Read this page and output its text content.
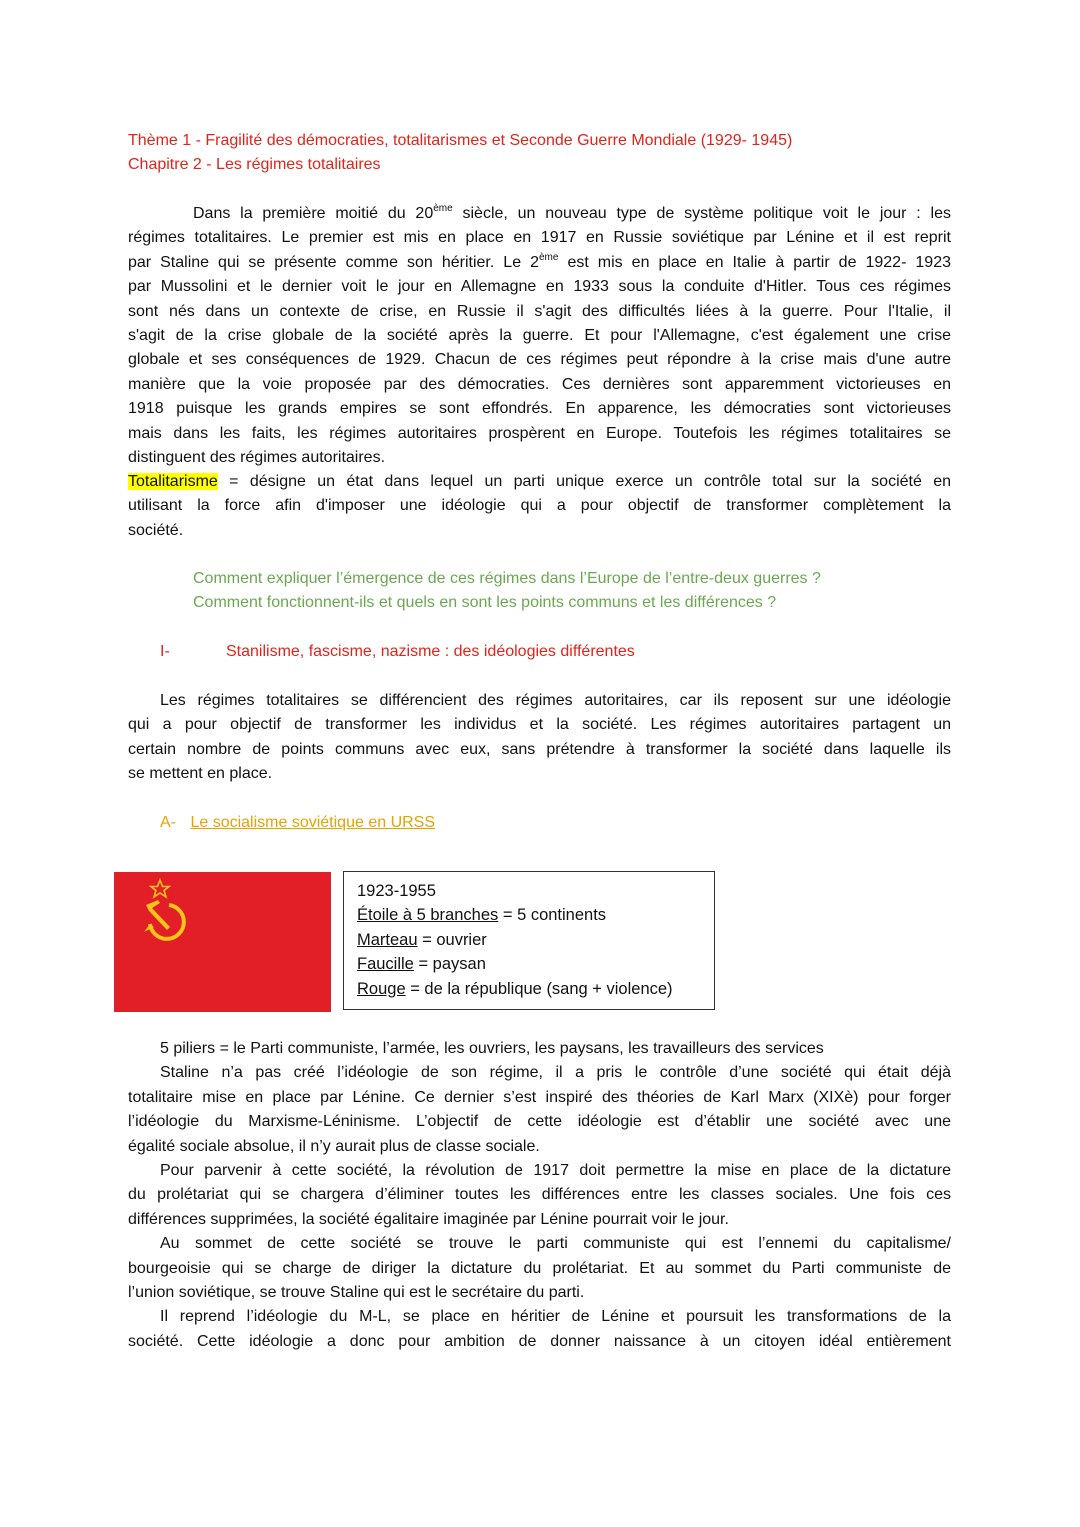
Thème 1 - Fragilité des démocraties, totalitarismes et Seconde Guerre Mondiale (1929- 1945)
Chapitre 2 - Les régimes totalitaires
Dans la première moitié du 20ème siècle, un nouveau type de système politique voit le jour : les
régimes totalitaires. Le premier est mis en place en 1917 en Russie soviétique par Lénine et il est reprit
par Staline qui se présente comme son héritier. Le 2ème est mis en place en Italie à partir de 1922- 1923
par Mussolini et le dernier voit le jour en Allemagne en 1933 sous la conduite d'Hitler. Tous ces régimes
sont nés dans un contexte de crise, en Russie il s'agit des difficultés liées à la guerre. Pour l'Italie, il
s'agit de la crise globale de la société après la guerre. Et pour l'Allemagne, c'est également une crise
globale et ses conséquences de 1929. Chacun de ces régimes peut répondre à la crise mais d'une autre
manière que la voie proposée par des démocraties. Ces dernières sont apparemment victorieuses en
1918 puisque les grands empires se sont effondrés. En apparence, les démocraties sont victorieuses
mais dans les faits, les régimes autoritaires prospèrent en Europe. Toutefois les régimes totalitaires se
distinguent des régimes autoritaires.
Totalitarisme = désigne un état dans lequel un parti unique exerce un contrôle total sur la société en
utilisant la force afin d'imposer une idéologie qui a pour objectif de transformer complètement la
société.
Comment expliquer l’émergence de ces régimes dans l’Europe de l’entre-deux guerres ?
Comment fonctionnent-ils et quels en sont les points communs et les différences ?
I-	Stanilisme, fascisme, nazisme : des idéologies différentes
Les régimes totalitaires se différencient des régimes autoritaires, car ils reposent sur une idéologie
qui a pour objectif de transformer les individus et la société. Les régimes autoritaires partagent un
certain nombre de points communs avec eux, sans prétendre à transformer la société dans laquelle ils
se mettent en place.
A- Le socialisme soviétique en URSS
1923-1955
Étoile à 5 branches = 5 continents
Marteau = ouvrier
Faucille = paysan
Rouge = de la république (sang + violence)
5 piliers = le Parti communiste, l’armée, les ouvriers, les paysans, les travailleurs des services
Staline n’a pas créé l’idéologie de son régime, il a pris le contrôle d’une société qui était déjà
totalitaire mise en place par Lénine. Ce dernier s’est inspiré des théories de Karl Marx (XIXè) pour forger
l’idéologie du Marxisme-Léninisme. L’objectif de cette idéologie est d’établir une société avec une
égalité sociale absolue, il n’y aurait plus de classe sociale.
Pour parvenir à cette société, la révolution de 1917 doit permettre la mise en place de la dictature
du prolétariat qui se chargera d’éliminer toutes les différences entre les classes sociales. Une fois ces
différences supprimées, la société égalitaire imaginée par Lénine pourrait voir le jour.
Au sommet de cette société se trouve le parti communiste qui est l’ennemi du capitalisme/
bourgeoisie qui se charge de diriger la dictature du prolétariat. Et au sommet du Parti communiste de
l’union soviétique, se trouve Staline qui est le secrétaire du parti.
Il reprend l’idéologie du M-L, se place en héritier de Lénine et poursuit les transformations de la
société. Cette idéologie a donc pour ambition de donner naissance à un citoyen idéal entièrement
